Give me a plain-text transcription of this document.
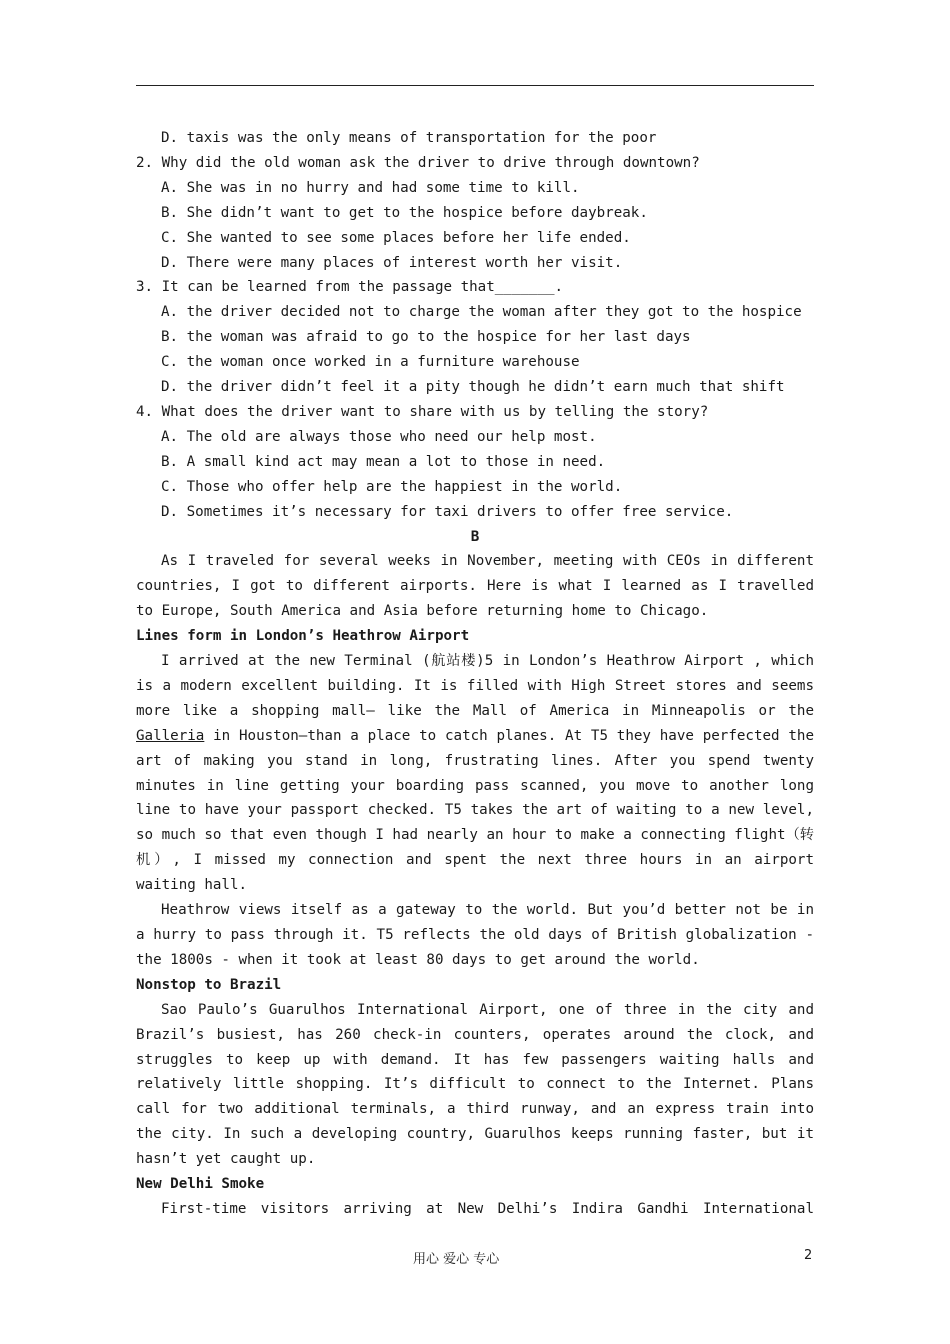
D. taxis was the only means of transportation for the poor
2. Why did the old woman ask the driver to drive through downtown?
A. She was in no hurry and had some time to kill.
B. She didn’t want to get to the hospice before daybreak.
C. She wanted to see some places before her life ended.
D. There were many places of interest worth her visit.
3. It can be learned from the passage that_______.
A. the driver decided not to charge the woman after they got to the hospice
B. the woman was afraid to go to the hospice for her last days
C. the woman once worked in a furniture warehouse
D. the driver didn’t feel it a pity though he didn’t earn much that shift
4. What does the driver want to share with us by telling the story?
A. The old are always those who need our help most.
B. A small kind act may mean a lot to those in need.
C. Those who offer help are the happiest in the world.
D. Sometimes it’s necessary for taxi drivers to offer free service.
B

As I traveled for several weeks in November, meeting with CEOs in different countries, I got to different airports. Here is what I learned as I travelled to Europe, South America and Asia before returning home to Chicago.

Lines form in London’s Heathrow Airport

I arrived at the new Terminal (航站楼)5 in London’s Heathrow Airport , which is a modern excellent building. It is filled with High Street stores and seems more like a shopping mall— like the Mall of America in Minneapolis or the Galleria in Houston—than a place to catch planes. At T5 they have perfected the art of making you stand in long, frustrating lines. After you spend twenty minutes in line getting your boarding pass scanned, you move to another long line to have your passport checked. T5 takes the art of waiting to a new level, so much so that even though I had nearly an hour to make a connecting flight（转机）, I missed my connection and spent the next three hours in an airport waiting hall.

Heathrow views itself as a gateway to the world. But you’d better not be in a hurry to pass through it. T5 reflects the old days of British globalization - the 1800s - when it took at least 80 days to get around the world.

Nonstop to Brazil

Sao Paulo’s Guarulhos International Airport, one of three in the city and Brazil’s busiest, has 260 check-in counters, operates around the clock, and struggles to keep up with demand. It has few passengers waiting halls and relatively little shopping. It’s difficult to connect to the Internet. Plans call for two additional terminals, a third runway, and an express train into the city. In such a developing country, Guarulhos keeps running faster, but it hasn’t yet caught up.

New Delhi Smoke
First-time visitors arriving at New Delhi’s Indira Gandhi International
用心 爱心 专心	2
